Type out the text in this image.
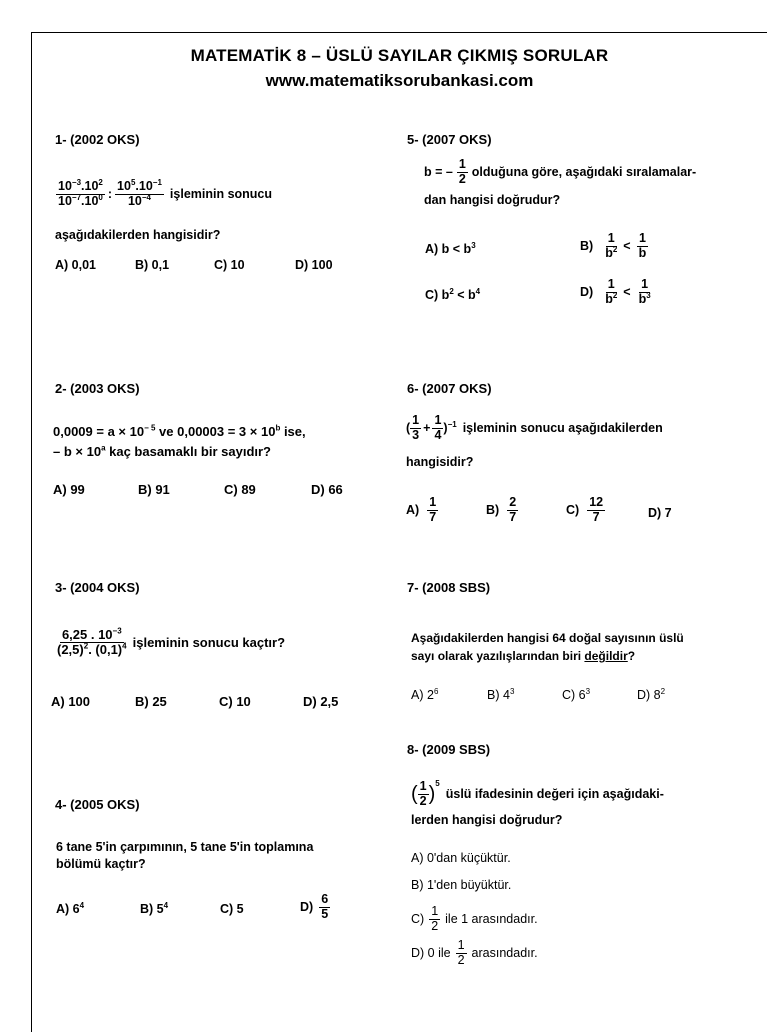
MATEMATİK 8 – ÜSLÜ SAYILAR ÇIKMIŞ SORULAR
www.matematiksorubankasi.com
1- (2002 OKS)
$\frac{10^{-3}.10^2}{10^{-7}.10^0}$ : $\frac{10^5.10^{-1}}{10^{-4}}$ işleminin sonucu
aşağıdakilerden hangisidir?
A) 0,01	B) 0,1	C) 10	D) 100
2- (2003 OKS)
$0,0009 = a \times 10^{- 5}$ ve $0,00003 = 3 \times 10^b$ ise,
– $b \times 10^a$ kaç basamaklı bir sayıdır?
A) 99	B) 91	C) 89	D) 66
3- (2004 OKS)
$\frac{6,25 . 10^{-3}}{(2,5)^2. (0,1)^4}$ işleminin sonucu kaçtır?
A) 100	B) 25	C) 10	D) 2,5
4- (2005 OKS)
6 tane 5'in çarpımının, 5 tane 5'in toplamına
bölümü kaçtır?
A) $6^4$	B) $5^4$	C) 5	$D) \frac{6}{5}$
5- (2007 OKS)
b = – $\frac{1}{2}$ olduğuna göre, aşağıdaki sıralamalar-
dan hangisi doğrudur?
A) $b < b^3$	$B) \frac{1}{b^2} < \frac{1}{b}$
C) $b^2 < b^4$	$D) \frac{1}{b^2} < \frac{1}{b^3}$
6- (2007 OKS)
( $\frac{1}{3} + \frac{1}{4} )^{-1}$ işleminin sonucu aşağıdakilerden
hangisidir?
$A) \frac{1}{7}$	$B) \frac{2}{7}$	$C) \frac{12}{7}$	D) 7
7- (2008 SBS)
Aşağıdakilerden hangisi 64 doğal sayısının üslü
sayı olarak yazılışlarından biri değildir?
A) $2^6$	B) $4^3$	C) $6^3$	D) $8^2$
8- (2009 SBS)
( $\frac{1}{2} )^5$
üslü ifadesinin değeri için aşağıdaki-
lerden hangisi doğrudur?
A) 0'dan küçüktür.
B) 1'den büyüktür.
$C) \frac{1}{2}$ ile 1 arasındadır.
D) 0 ile $\frac{1}{2}$ arasındadır.
